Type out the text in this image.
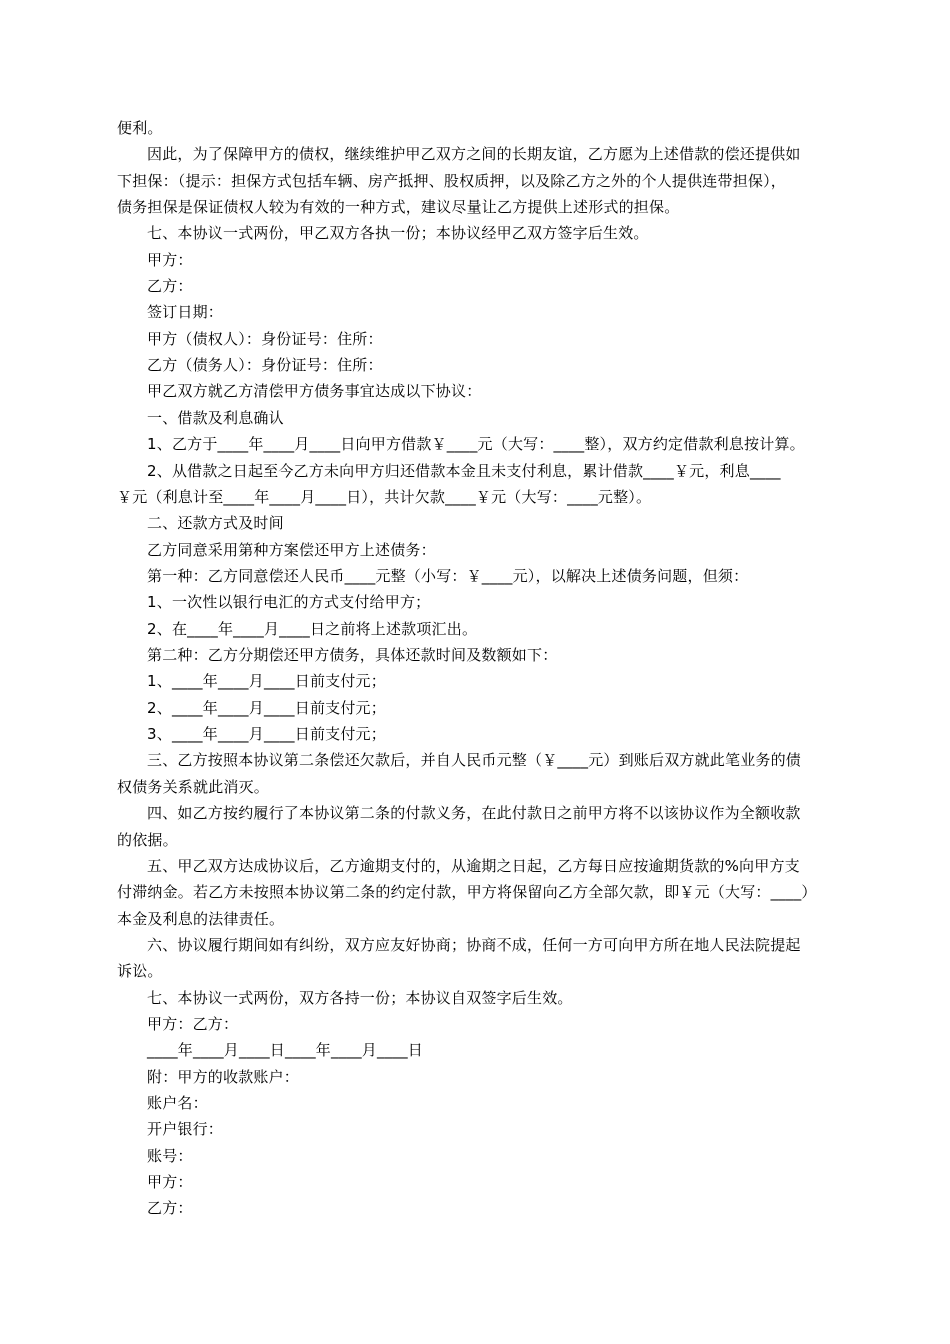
便利。
因此，为了保障甲方的债权，继续维护甲乙双方之间的长期友谊，乙方愿为上述借款的偿还提供如
下担保：（提示：担保方式包括车辆、房产抵押、股权质押，以及除乙方之外的个人提供连带担保），
债务担保是保证债权人较为有效的一种方式，建议尽量让乙方提供上述形式的担保。
七、本协议一式两份，甲乙双方各执一份；本协议经甲乙双方签字后生效。
甲方：
乙方：
签订日期：
甲方（债权人）：身份证号：住所：
乙方（债务人）：身份证号：住所：
甲乙双方就乙方清偿甲方债务事宜达成以下协议：
一、借款及利息确认
1、乙方于____年____月____日向甲方借款￥____元（大写：____整），双方约定借款利息按计算。
2、从借款之日起至今乙方未向甲方归还借款本金且未支付利息，累计借款____￥元，利息____
￥元（利息计至____年____月____日），共计欠款____￥元（大写：____元整）。
二、还款方式及时间
乙方同意采用第种方案偿还甲方上述债务：
第一种：乙方同意偿还人民币____元整（小写：￥____元），以解决上述债务问题，但须：
1、一次性以银行电汇的方式支付给甲方；
2、在____年____月____日之前将上述款项汇出。
第二种：乙方分期偿还甲方债务，具体还款时间及数额如下：
1、____年____月____日前支付元；
2、____年____月____日前支付元；
3、____年____月____日前支付元；
三、乙方按照本协议第二条偿还欠款后，并自人民币元整（￥____元）到账后双方就此笔业务的债
权债务关系就此消灭。
四、如乙方按约履行了本协议第二条的付款义务，在此付款日之前甲方将不以该协议作为全额收款
的依据。
五、甲乙双方达成协议后，乙方逾期支付的，从逾期之日起，乙方每日应按逾期货款的%向甲方支
付滞纳金。若乙方未按照本协议第二条的约定付款，甲方将保留向乙方全部欠款，即￥元（大写：____）
本金及利息的法律责任。
六、协议履行期间如有纠纷，双方应友好协商；协商不成，任何一方可向甲方所在地人民法院提起
诉讼。
七、本协议一式两份，双方各持一份；本协议自双签字后生效。
甲方：乙方：
____年____月____日____年____月____日
附：甲方的收款账户：
账户名：
开户银行：
账号：
甲方：
乙方：
